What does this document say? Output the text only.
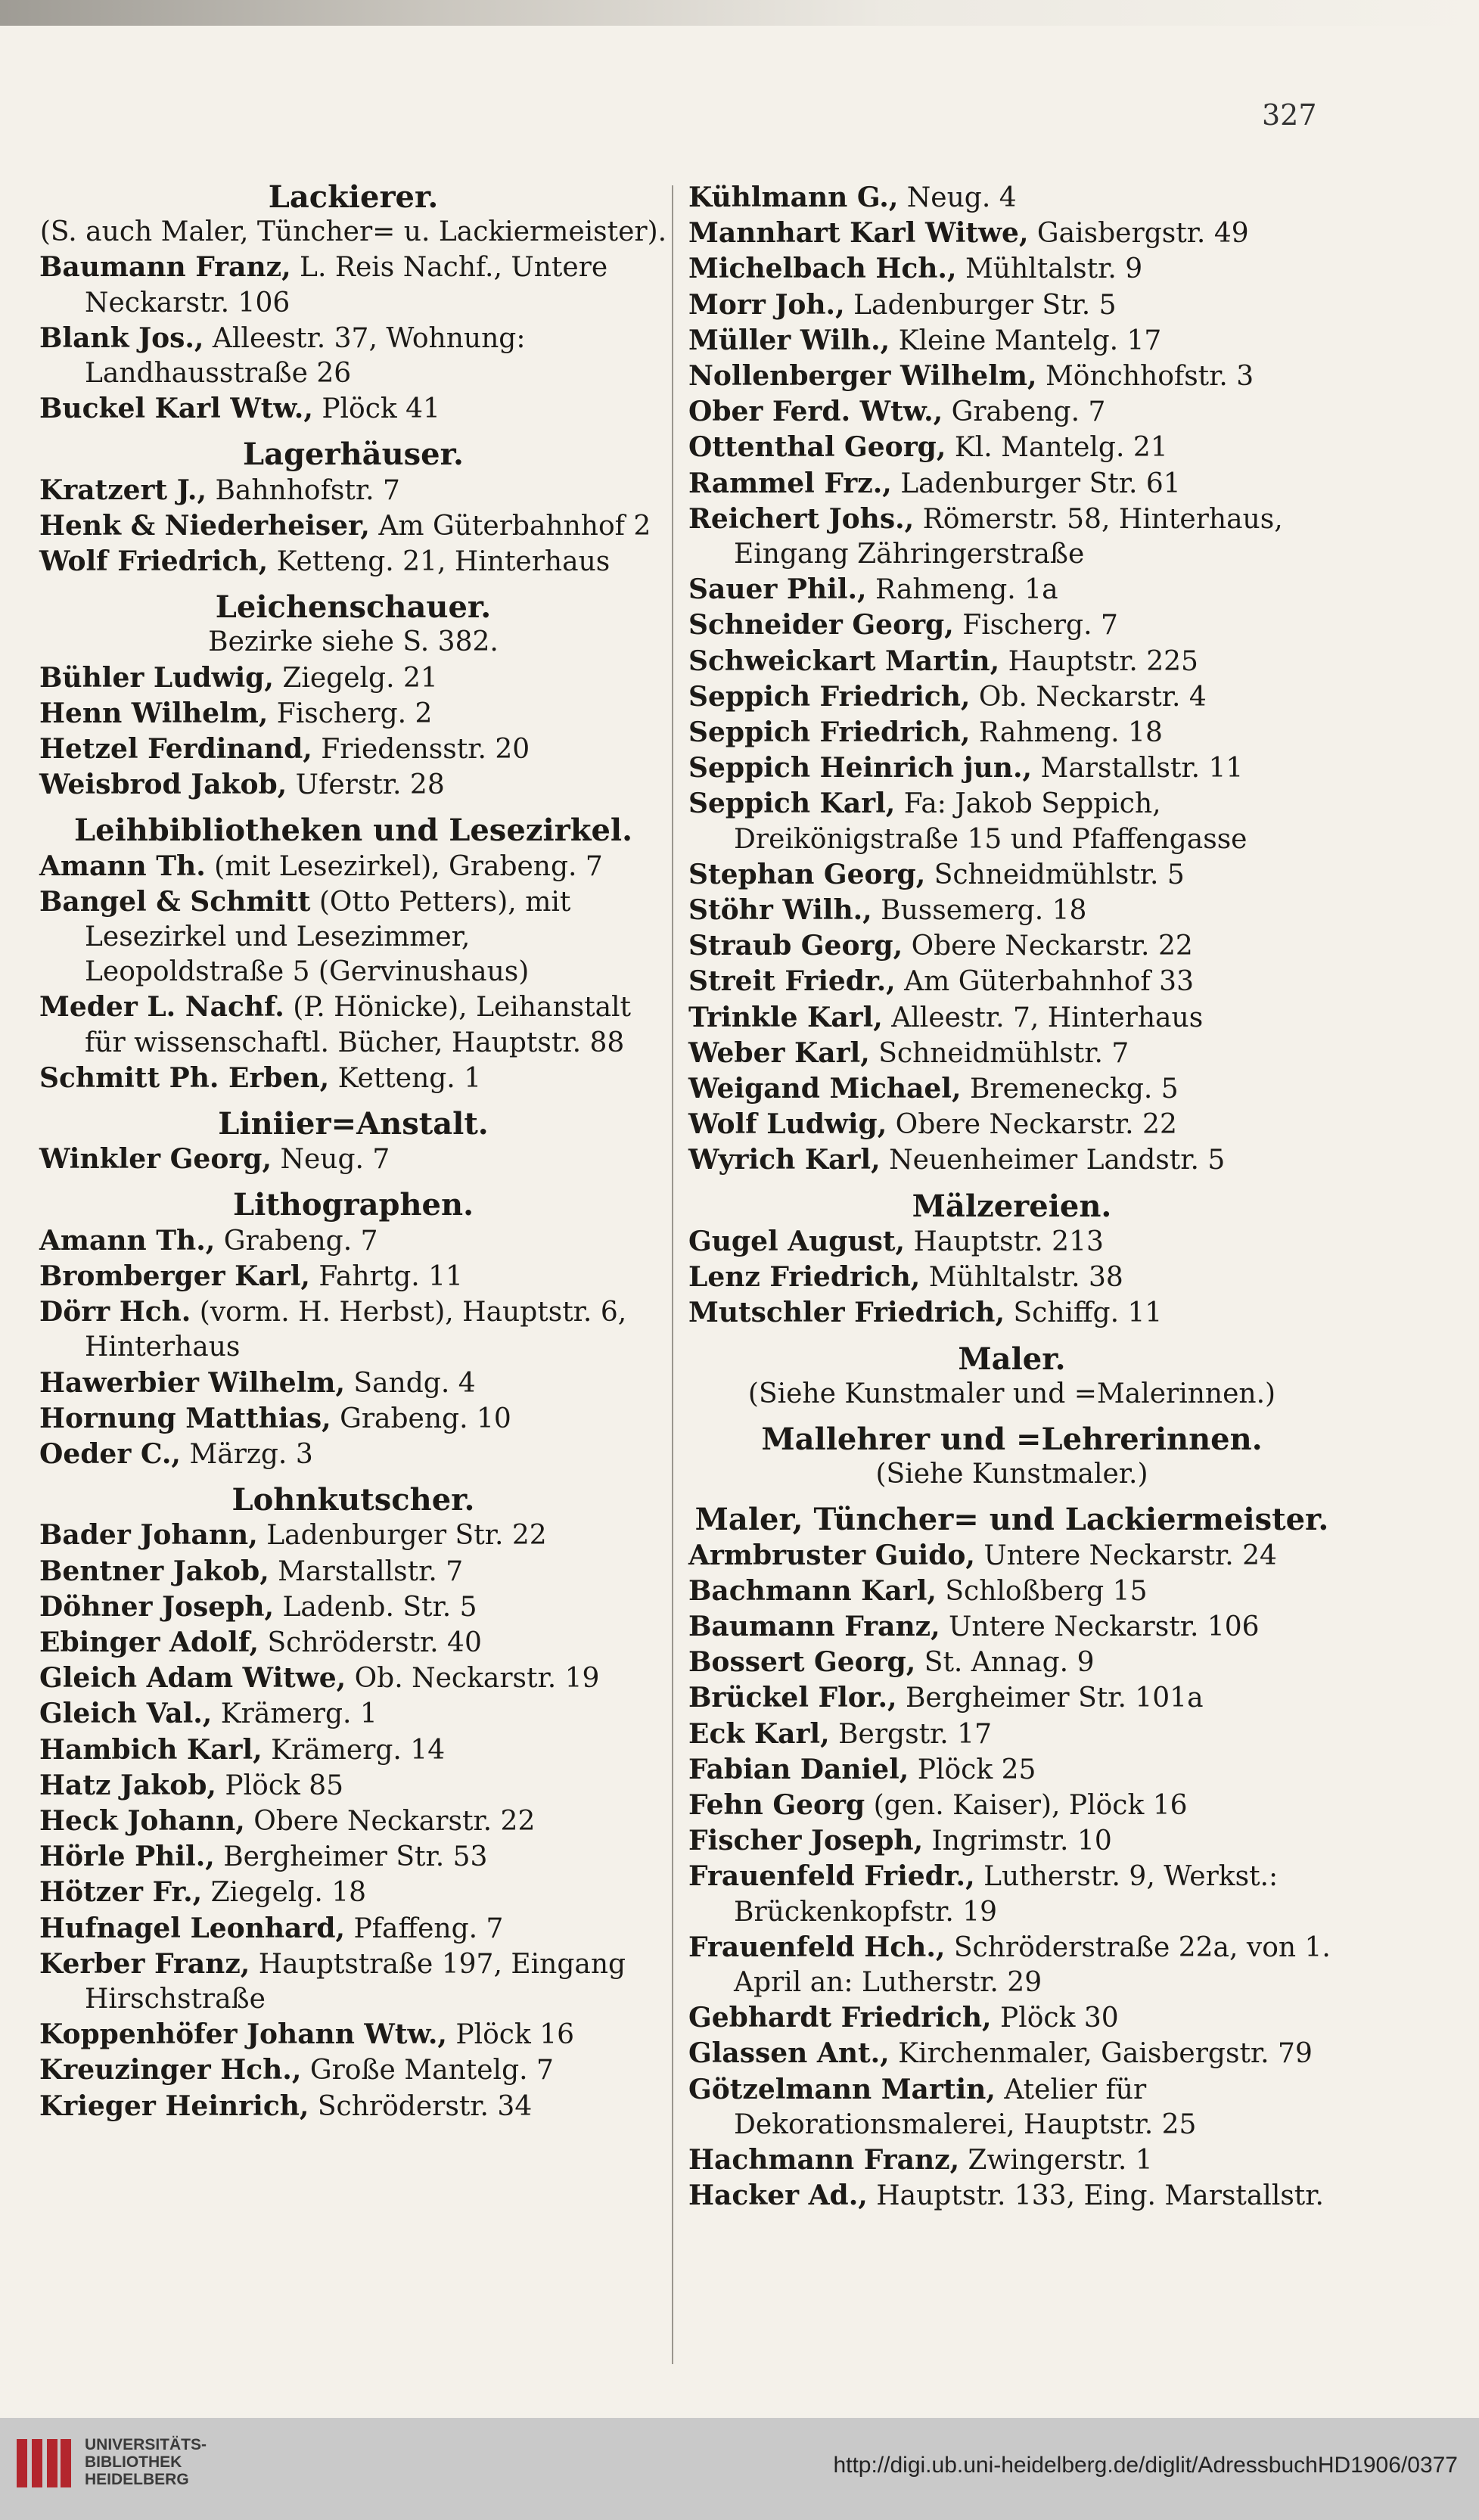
327
Lackierer.
(S. auch Maler, Tüncher= u. Lackiermeister).
Baumann Franz, L. Reis Nachf., Untere Neckarstr. 106
Blank Jos., Alleestr. 37, Wohnung: Landhausstraße 26
Buckel Karl Wtw., Plöck 41
Lagerhäuser.
Kratzert J., Bahnhofstr. 7
Henk & Niederheiser, Am Güterbahnhof 2
Wolf Friedrich, Ketteng. 21, Hinterhaus
Leichenschauer.
Bezirke siehe S. 382.
Bühler Ludwig, Ziegelg. 21
Henn Wilhelm, Fischerg. 2
Hetzel Ferdinand, Friedensstr. 20
Weisbrod Jakob, Uferstr. 28
Leihbibliotheken und Lesezirkel.
Amann Th. (mit Lesezirkel), Grabeng. 7
Bangel & Schmitt (Otto Petters), mit Lesezirkel und Lesezimmer, Leopoldstraße 5 (Gervinushaus)
Meder L. Nachf. (P. Hönicke), Leihanstalt für wissenschaftl. Bücher, Hauptstr. 88
Schmitt Ph. Erben, Ketteng. 1
Liniier=Anstalt.
Winkler Georg, Neug. 7
Lithographen.
Amann Th., Grabeng. 7
Bromberger Karl, Fahrtg. 11
Dörr Hch. (vorm. H. Herbst), Hauptstr. 6, Hinterhaus
Hawerbier Wilhelm, Sandg. 4
Hornung Matthias, Grabeng. 10
Oeder C., Märzg. 3
Lohnkutscher.
Bader Johann, Ladenburger Str. 22
Bentner Jakob, Marstallstr. 7
Döhner Joseph, Ladenb. Str. 5
Ebinger Adolf, Schröderstr. 40
Gleich Adam Witwe, Ob. Neckarstr. 19
Gleich Val., Krämerg. 1
Hambich Karl, Krämerg. 14
Hatz Jakob, Plöck 85
Heck Johann, Obere Neckarstr. 22
Hörle Phil., Bergheimer Str. 53
Hötzer Fr., Ziegelg. 18
Hufnagel Leonhard, Pfaffeng. 7
Kerber Franz, Hauptstraße 197, Eingang Hirschstraße
Koppenhöfer Johann Wtw., Plöck 16
Kreuzinger Hch., Große Mantelg. 7
Krieger Heinrich, Schröderstr. 34
Kühlmann G., Neug. 4
Mannhart Karl Witwe, Gaisbergstr. 49
Michelbach Hch., Mühltalstr. 9
Morr Joh., Ladenburger Str. 5
Müller Wilh., Kleine Mantelg. 17
Nollenberger Wilhelm, Mönchhofstr. 3
Ober Ferd. Wtw., Grabeng. 7
Ottenthal Georg, Kl. Mantelg. 21
Rammel Frz., Ladenburger Str. 61
Reichert Johs., Römerstr. 58, Hinterhaus, Eingang Zähringerstraße
Sauer Phil., Rahmeng. 1a
Schneider Georg, Fischerg. 7
Schweickart Martin, Hauptstr. 225
Seppich Friedrich, Ob. Neckarstr. 4
Seppich Friedrich, Rahmeng. 18
Seppich Heinrich jun., Marstallstr. 11
Seppich Karl, Fa: Jakob Seppich, Dreikönigstraße 15 und Pfaffengasse
Stephan Georg, Schneidmühlstr. 5
Stöhr Wilh., Bussemerg. 18
Straub Georg, Obere Neckarstr. 22
Streit Friedr., Am Güterbahnhof 33
Trinkle Karl, Alleestr. 7, Hinterhaus
Weber Karl, Schneidmühlstr. 7
Weigand Michael, Bremeneckg. 5
Wolf Ludwig, Obere Neckarstr. 22
Wyrich Karl, Neuenheimer Landstr. 5
Mälzereien.
Gugel August, Hauptstr. 213
Lenz Friedrich, Mühltalstr. 38
Mutschler Friedrich, Schiffg. 11
Maler.
(Siehe Kunstmaler und =Malerinnen.)
Mallehrer und =Lehrerinnen.
(Siehe Kunstmaler.)
Maler, Tüncher= und Lackiermeister.
Armbruster Guido, Untere Neckarstr. 24
Bachmann Karl, Schloßberg 15
Baumann Franz, Untere Neckarstr. 106
Bossert Georg, St. Annag. 9
Brückel Flor., Bergheimer Str. 101a
Eck Karl, Bergstr. 17
Fabian Daniel, Plöck 25
Fehn Georg (gen. Kaiser), Plöck 16
Fischer Joseph, Ingrimstr. 10
Frauenfeld Friedr., Lutherstr. 9, Werkst.: Brückenkopfstr. 19
Frauenfeld Hch., Schröderstraße 22a, von 1. April an: Lutherstr. 29
Gebhardt Friedrich, Plöck 30
Glassen Ant., Kirchenmaler, Gaisbergstr. 79
Götzelmann Martin, Atelier für Dekorationsmalerei, Hauptstr. 25
Hachmann Franz, Zwingerstr. 1
Hacker Ad., Hauptstr. 133, Eing. Marstallstr.
UNIVERSITÄTS-
BIBLIOTHEK
HEIDELBERG
http://digi.ub.uni-heidelberg.de/diglit/AdressbuchHD1906/0377
